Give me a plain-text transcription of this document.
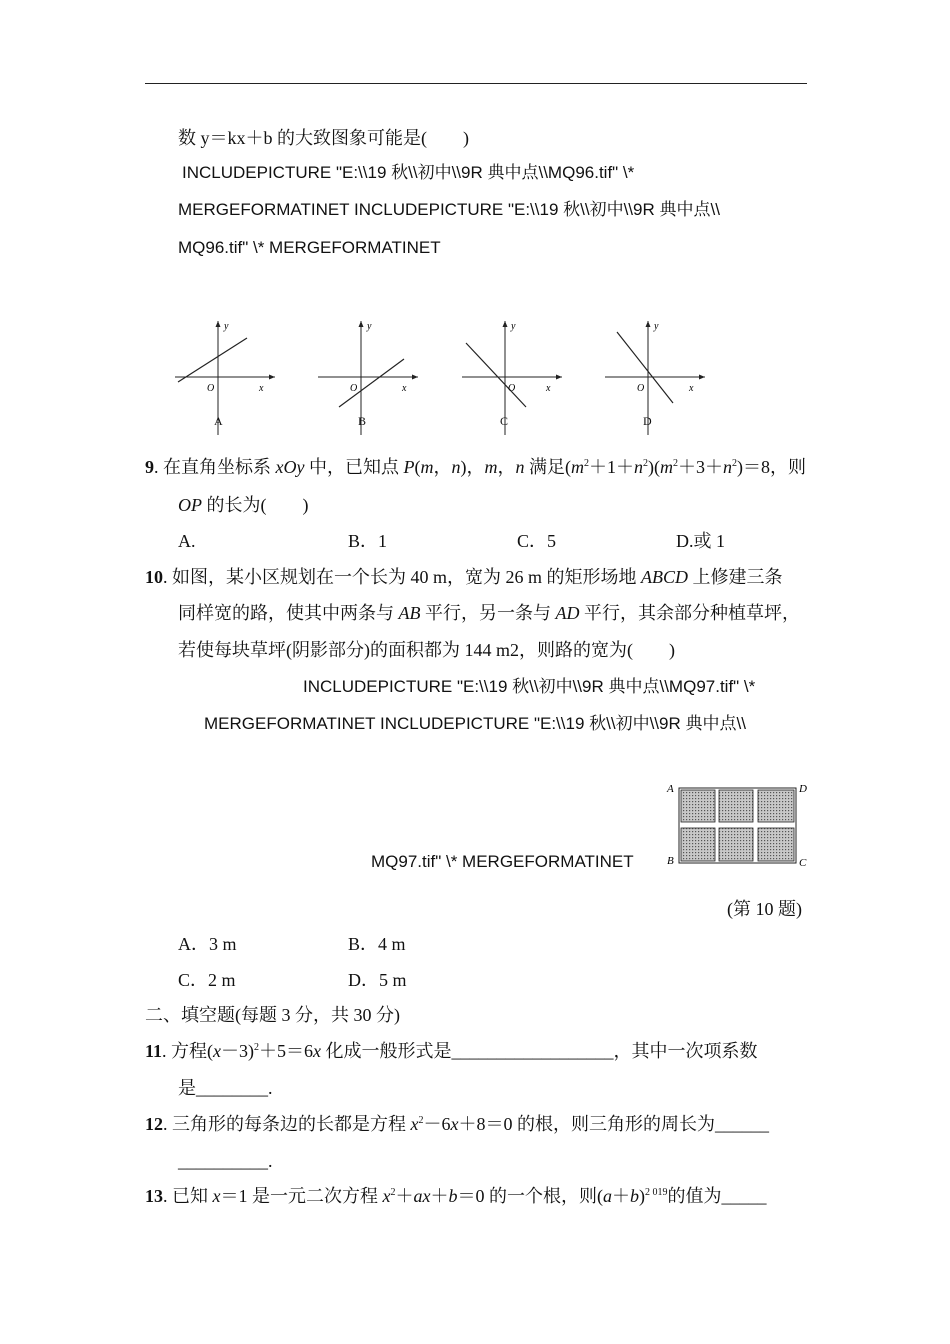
数 y＝kx＋b 的大致图象可能是(　　)
INCLUDEPICTURE "E:\\19 秋\\初中\\9R 典中点\\MQ96.tif" \*
MERGEFORMATINET INCLUDEPICTURE "E:\\19 秋\\初中\\9R 典中点\\
MQ96.tif" \* MERGEFORMATINET
y
x
O
A
y
x
O
B
y
x
O
C
y
x
O
D
9. 在直角坐标系 xOy 中，已知点 P(m，n)，m，n 满足$(m^2+1+n^2)(m^2+3+n^2)=8$，则
OP 的长为(　　)
A.	B．1	C．5	D.或 1
10. 如图，某小区规划在一个长为 40 m，宽为 26 m 的矩形场地 ABCD 上修建三条
同样宽的路，使其中两条与 AB 平行，另一条与 AD 平行，其余部分种植草坪，
若使每块草坪(阴影部分)的面积都为 144 m2，则路的宽为(　　)
INCLUDEPICTURE "E:\\19 秋\\初中\\9R 典中点\\MQ97.tif" \*
MERGEFORMATINET INCLUDEPICTURE "E:\\19 秋\\初中\\9R 典中点\\
MQ97.tif" \* MERGEFORMATINET
A	D
B	C
(第 10 题)
A．3 m	B．4 m
C．2 m	D．5 m
二、填空题(每题 3 分，共 30 分)
11. 方程$(x-3)^2+5=6x$ 化成一般形式是__________________，其中一次项系数
是________.
12. 三角形的每条边的长都是方程 $x^2-6x+8=0$ 的根，则三角形的周长为______
__________.
13. 已知 x＝1 是一元二次方程 $x^2+ax+b=0$ 的一个根，则$(a+b)^{2 019}$的值为_____
